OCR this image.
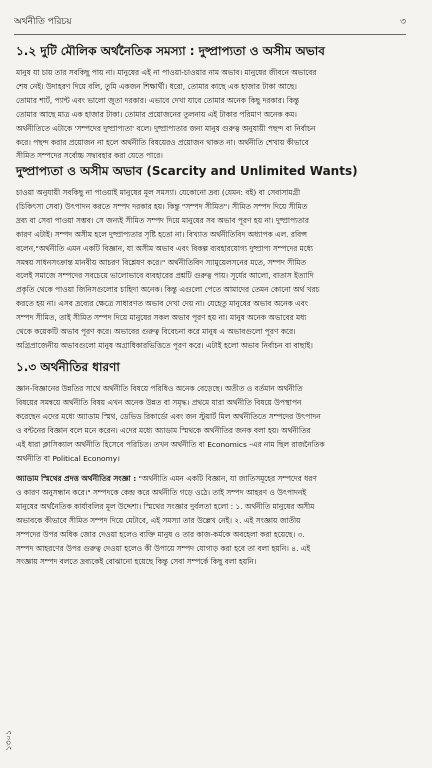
অর্থনীতি পরিচয়	৩
১.২ দুটি মৌলিক অর্থনৈতিক সমস্যা : দুষ্প্রাপ্যতা ও অসীম অভাব
মানুষ যা চায় তার সবকিছু পায় না। মানুষের এই না পাওয়া-চাওয়ার নাম অভাব। মানুষের জীবনে অভাবের
শেষ নেই। উদাহরণ দিয়ে বলি, তুমি একজন শিক্ষার্থী। ধরো, তোমার কাছে এক হাজার টাকা আছে।
তোমার শার্ট, প্যান্ট এবং ভালো জুতা দরকার। এভাবে দেখা যাবে তোমার অনেক কিছু দরকার। কিন্তু
তোমার আছে মাত্র এক হাজার টাকা। তোমার প্রয়োজনের তুলনায় এই টাকার পরিমাণ অনেক কম।
অর্থনীতিতে এটাকে 'সম্পদের দুষ্প্রাপ্যতা' বলে। দুষ্প্রাপ্যতার জন্য মানুষ গুরুত্ব অনুযায়ী পছন্দ বা নির্বাচন
করে। পছন্দ করার প্রয়োজন না হলে অর্থনীতি বিষয়েরও প্রয়োজন থাকত না। অর্থনীতি শেখায় কীভাবে
সীমিত সম্পদের সর্বোচ্চ সদ্ব্যবহার করা যেতে পারে।
দুষ্প্রাপ্যতা ও অসীম অভাব (Scarcity and Unlimited Wants)
চাওয়া অনুযায়ী সবকিছু না পাওয়াই মানুষের মূল সমস্যা। যেকোনো দ্রব্য (যেমন: বই) বা সেবাসামগ্রী
(চিকিৎসা সেবা) উৎপাদন করতে সম্পদ দরকার হয়। কিন্তু "সম্পদ সীমিত"। সীমিত সম্পদ দিয়ে সীমিত
দ্রব্য বা সেবা পাওয়া সম্ভব। সে জন্যই সীমিত সম্পদ দিয়ে মানুষের সব অভাব পূরণ হয় না। দুষ্প্রাপ্যতার
কারণ এটাই। সম্পদ অসীম হলে দুষ্প্রাপ্যতার সৃষ্টি হতো না। বিখ্যাত অর্থনীতিবিদ অধ্যাপক এল. রবিন্স
বলেন,"অর্থনীতি এমন একটি বিজ্ঞান, যা অসীম অভাব এবং বিকল্প ব্যবহারযোগ্য দুষ্প্রাপ্য সম্পদের মধ্যে
সমন্বয় সাধনসংক্রান্ত মানবীয় আচরণ বিশ্লেষণ করে।" অর্থনীতিবিদ স্যামুয়েলসনের মতে, সম্পদ সীমিত
বলেই সমাজে সম্পদের সবচেয়ে ভালোভাবে ব্যবহারের প্রশ্নটি গুরুত্ব পায়। সূর্যের আলো, বাতাস ইত্যাদি
প্রকৃতি থেকে পাওয়া জিনিসগুলোর চাহিদা অনেক। কিন্তু এগুলো পেতে আমাদের তেমন কোনো অর্থ খরচ
করতে হয় না। এসব দ্রব্যের ক্ষেত্রে সাধারণত অভাব দেখা দেয় না। যেহেতু মানুষের অভাব অনেক এবং
সম্পদ সীমিত, তাই সীমিত সম্পদ দিয়ে মানুষের সকল অভাব পূরণ হয় না। মানুষ অনেক অভাবের মধ্য
থেকে কয়েকটি অভাব পূরণ করে। অভাবের গুরুত্ব বিবেচনা করে মানুষ এ অভাবগুলো পূরণ করে।
অগ্রিপ্রাজেনীয় অভাবগুলো মানুষ অগ্রাধিকারভিত্তিতে পূরণ করে। এটাই হলো অভাব নির্বাচন বা বাছাই।
১.৩ অর্থনীতির ধারণা
জ্ঞান-বিজ্ঞানের উন্নতির সাথে অর্থনীতি বিষয়ে পরিধিও অনেক বেড়েছে। অতীত ও বর্তমান অর্থনীতি
বিষয়ের সমন্বয়ে অর্থনীতি বিষয় এখন অনেক উন্নত বা সমৃদ্ধ। প্রথমে যারা অর্থনীতি বিষয়ে উপস্থাপন
করেছেন এদের মধ্যে অ্যাডাম স্মিথ, ডেভিড রিকার্ডো এবং জন স্টুয়ার্ট মিল অর্থনীতিতে সম্পদের উৎপাদন
ও বন্টনের বিজ্ঞান বলে মনে করেন। এদের মধ্যে অ্যাডাম স্মিথকে অর্থনীতির জনক বলা হয়। অর্থনীতির
এই ধারা ক্লাসিক্যাল অর্থনীতি হিসেবে পরিচিত। তখন অর্থনীতি বা Economics -এর নাম ছিল রাজনৈতিক
অর্থনীতি বা Political Economy।
অ্যাডাম স্মিথের প্রদত্ত অর্থনীতির সংজ্ঞা : "অর্থনীতি এমন একটি বিজ্ঞান, যা জাতিসমূহের সম্পদের ধরণ
ও কারণ অনুসন্ধান করে।" সম্পদকে কেন্দ্র করে অর্থনীতি গড়ে ওঠে। তাই সম্পদ আহরণ ও উৎপাদনই
মানুষের অর্থনৈতিক কার্যাবলির মূল উদ্দেশ্য। স্মিথের সংজ্ঞার দুর্বলতা হলো : ১. অর্থনীতি মানুষের অসীম
অভাবকে কীভাবে সীমিত সম্পদ দিয়ে মেটাবে, এই সমস্যা তার উল্লেখ নেই। ২. এই সংজ্ঞায় জাতীয়
সম্পদের উপর অধিক জোর দেওয়া হলেও ব্যক্তি মানুষ ও তার কাজ-কর্মকে অবহেলা করা হয়েছে। ৩.
সম্পদ আহরণের উপর গুরুত্ব দেওয়া হলেও কী উপায়ে সম্পদ যোগাড় করা হবে তা বলা হয়নি। ৪. এই
সংজ্ঞায় সম্পদ বলতে দ্রব্যকেই বোঝানো হয়েছে কিন্তু সেবা সম্পর্কে কিছু বলা হয়নি।
১৩০১
